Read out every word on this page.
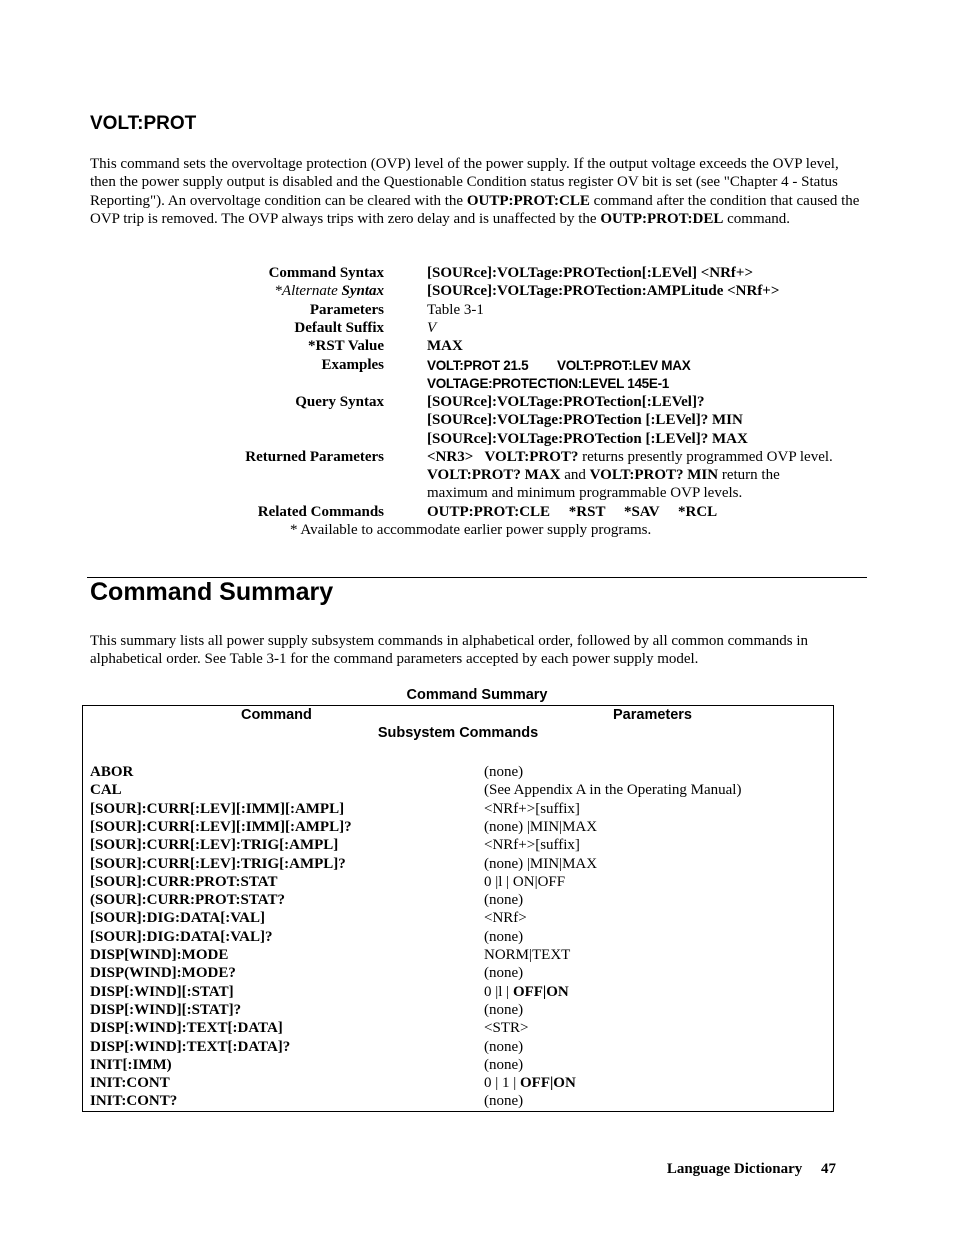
VOLT:PROT
This command sets the overvoltage protection (OVP) level of the power supply. If the output voltage exceeds the OVP level, then the power supply output is disabled and the Questionable Condition status register OV bit is set (see "Chapter 4 - Status Reporting"). An overvoltage condition can be cleared with the OUTP:PROT:CLE command after the condition that caused the OVP trip is removed. The OVP always trips with zero delay and is unaffected by the OUTP:PROT:DEL command.
Command Syntax	[SOURce]:VOLTage:PROTection[:LEVel] <NRf+>
*Alternate Syntax	[SOURce]:VOLTage:PROTection:AMPLitude <NRf+>
Parameters	Table 3-1
Default Suffix	V
*RST Value	MAX
Examples	VOLT:PROT 21.5 VOLT:PROT:LEV MAX
VOLTAGE:PROTECTION:LEVEL 145E-1
Query Syntax	[SOURce]:VOLTage:PROTection[:LEVel]?
[SOURce]:VOLTage:PROTection [:LEVel]? MIN
[SOURce]:VOLTage:PROTection [:LEVel]? MAX
Returned Parameters	<NR3> VOLT:PROT? returns presently programmed OVP level.
VOLT:PROT? MAX and VOLT:PROT? MIN return the
maximum and minimum programmable OVP levels.
Related Commands	OUTP:PROT:CLE     *RST     *SAV     *RCL
* Available to accommodate earlier power supply programs.
Command Summary
This summary lists all power supply subsystem commands in alphabetical order, followed by all common commands in alphabetical order. See Table 3-1 for the command parameters accepted by each power supply model.
Command Summary
Command	Parameters
Subsystem Commands
ABOR	(none)
CAL	(See Appendix A in the Operating Manual)
[SOUR]:CURR[:LEV][:IMM][:AMPL]	<NRf+>[suffix]
[SOUR]:CURR[:LEV][:IMM][:AMPL]?	(none) |MIN|MAX
[SOUR]:CURR[:LEV]:TRIG[:AMPL]	<NRf+>[suffix]
[SOUR]:CURR[:LEV]:TRIG[:AMPL]?	(none) |MIN|MAX
[SOUR]:CURR:PROT:STAT	0 |l | ON|OFF
(SOUR]:CURR:PROT:STAT?	(none)
[SOUR]:DIG:DATA[:VAL]	<NRf>
[SOUR]:DIG:DATA[:VAL]?	(none)
DISP[WIND]:MODE	NORM|TEXT
DISP(WIND]:MODE?	(none)
DISP[:WIND][:STAT]	0 |l | OFF|ON
DISP[:WIND][:STAT]?	(none)
DISP[:WIND]:TEXT[:DATA]	<STR>
DISP[:WIND]:TEXT[:DATA]?	(none)
INIT[:IMM)	(none)
INIT:CONT	0 | 1 | OFF|ON
INIT:CONT?	(none)
Language Dictionary 47
